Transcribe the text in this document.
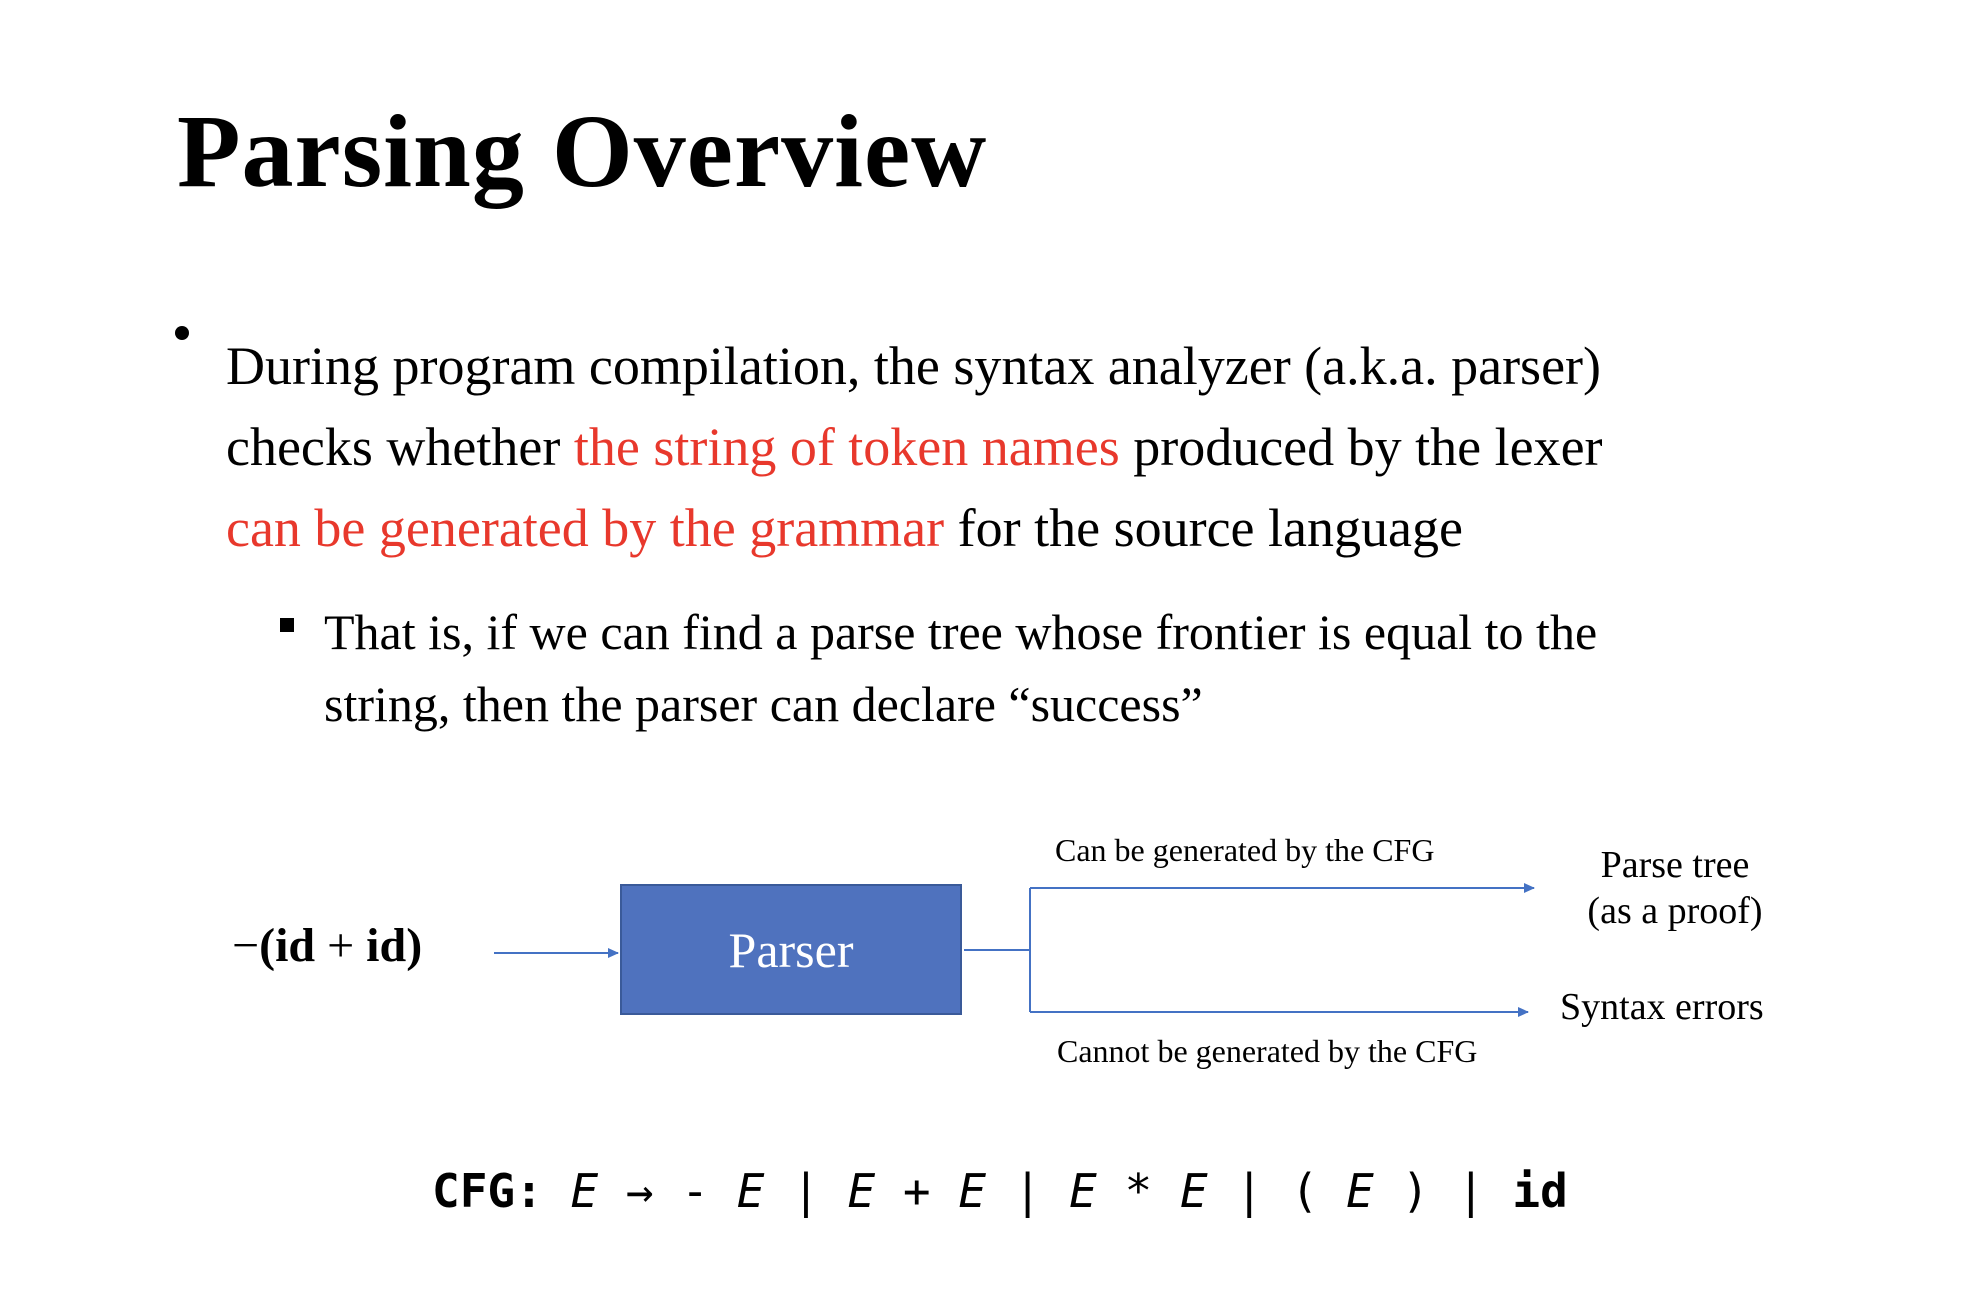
Parsing Overview
During program compilation, the syntax analyzer (a.k.a. parser)
checks whether the string of token names produced by the lexer
can be generated by the grammar for the source language
That is, if we can find a parse tree whose frontier is equal to the
string, then the parser can declare “success”
−(id + id)	Parser
Can be generated by the CFG
Cannot be generated by the CFG
Parse tree
(as a proof)
Syntax errors
CFG: E → - E | E + E | E * E | ( E ) | id
